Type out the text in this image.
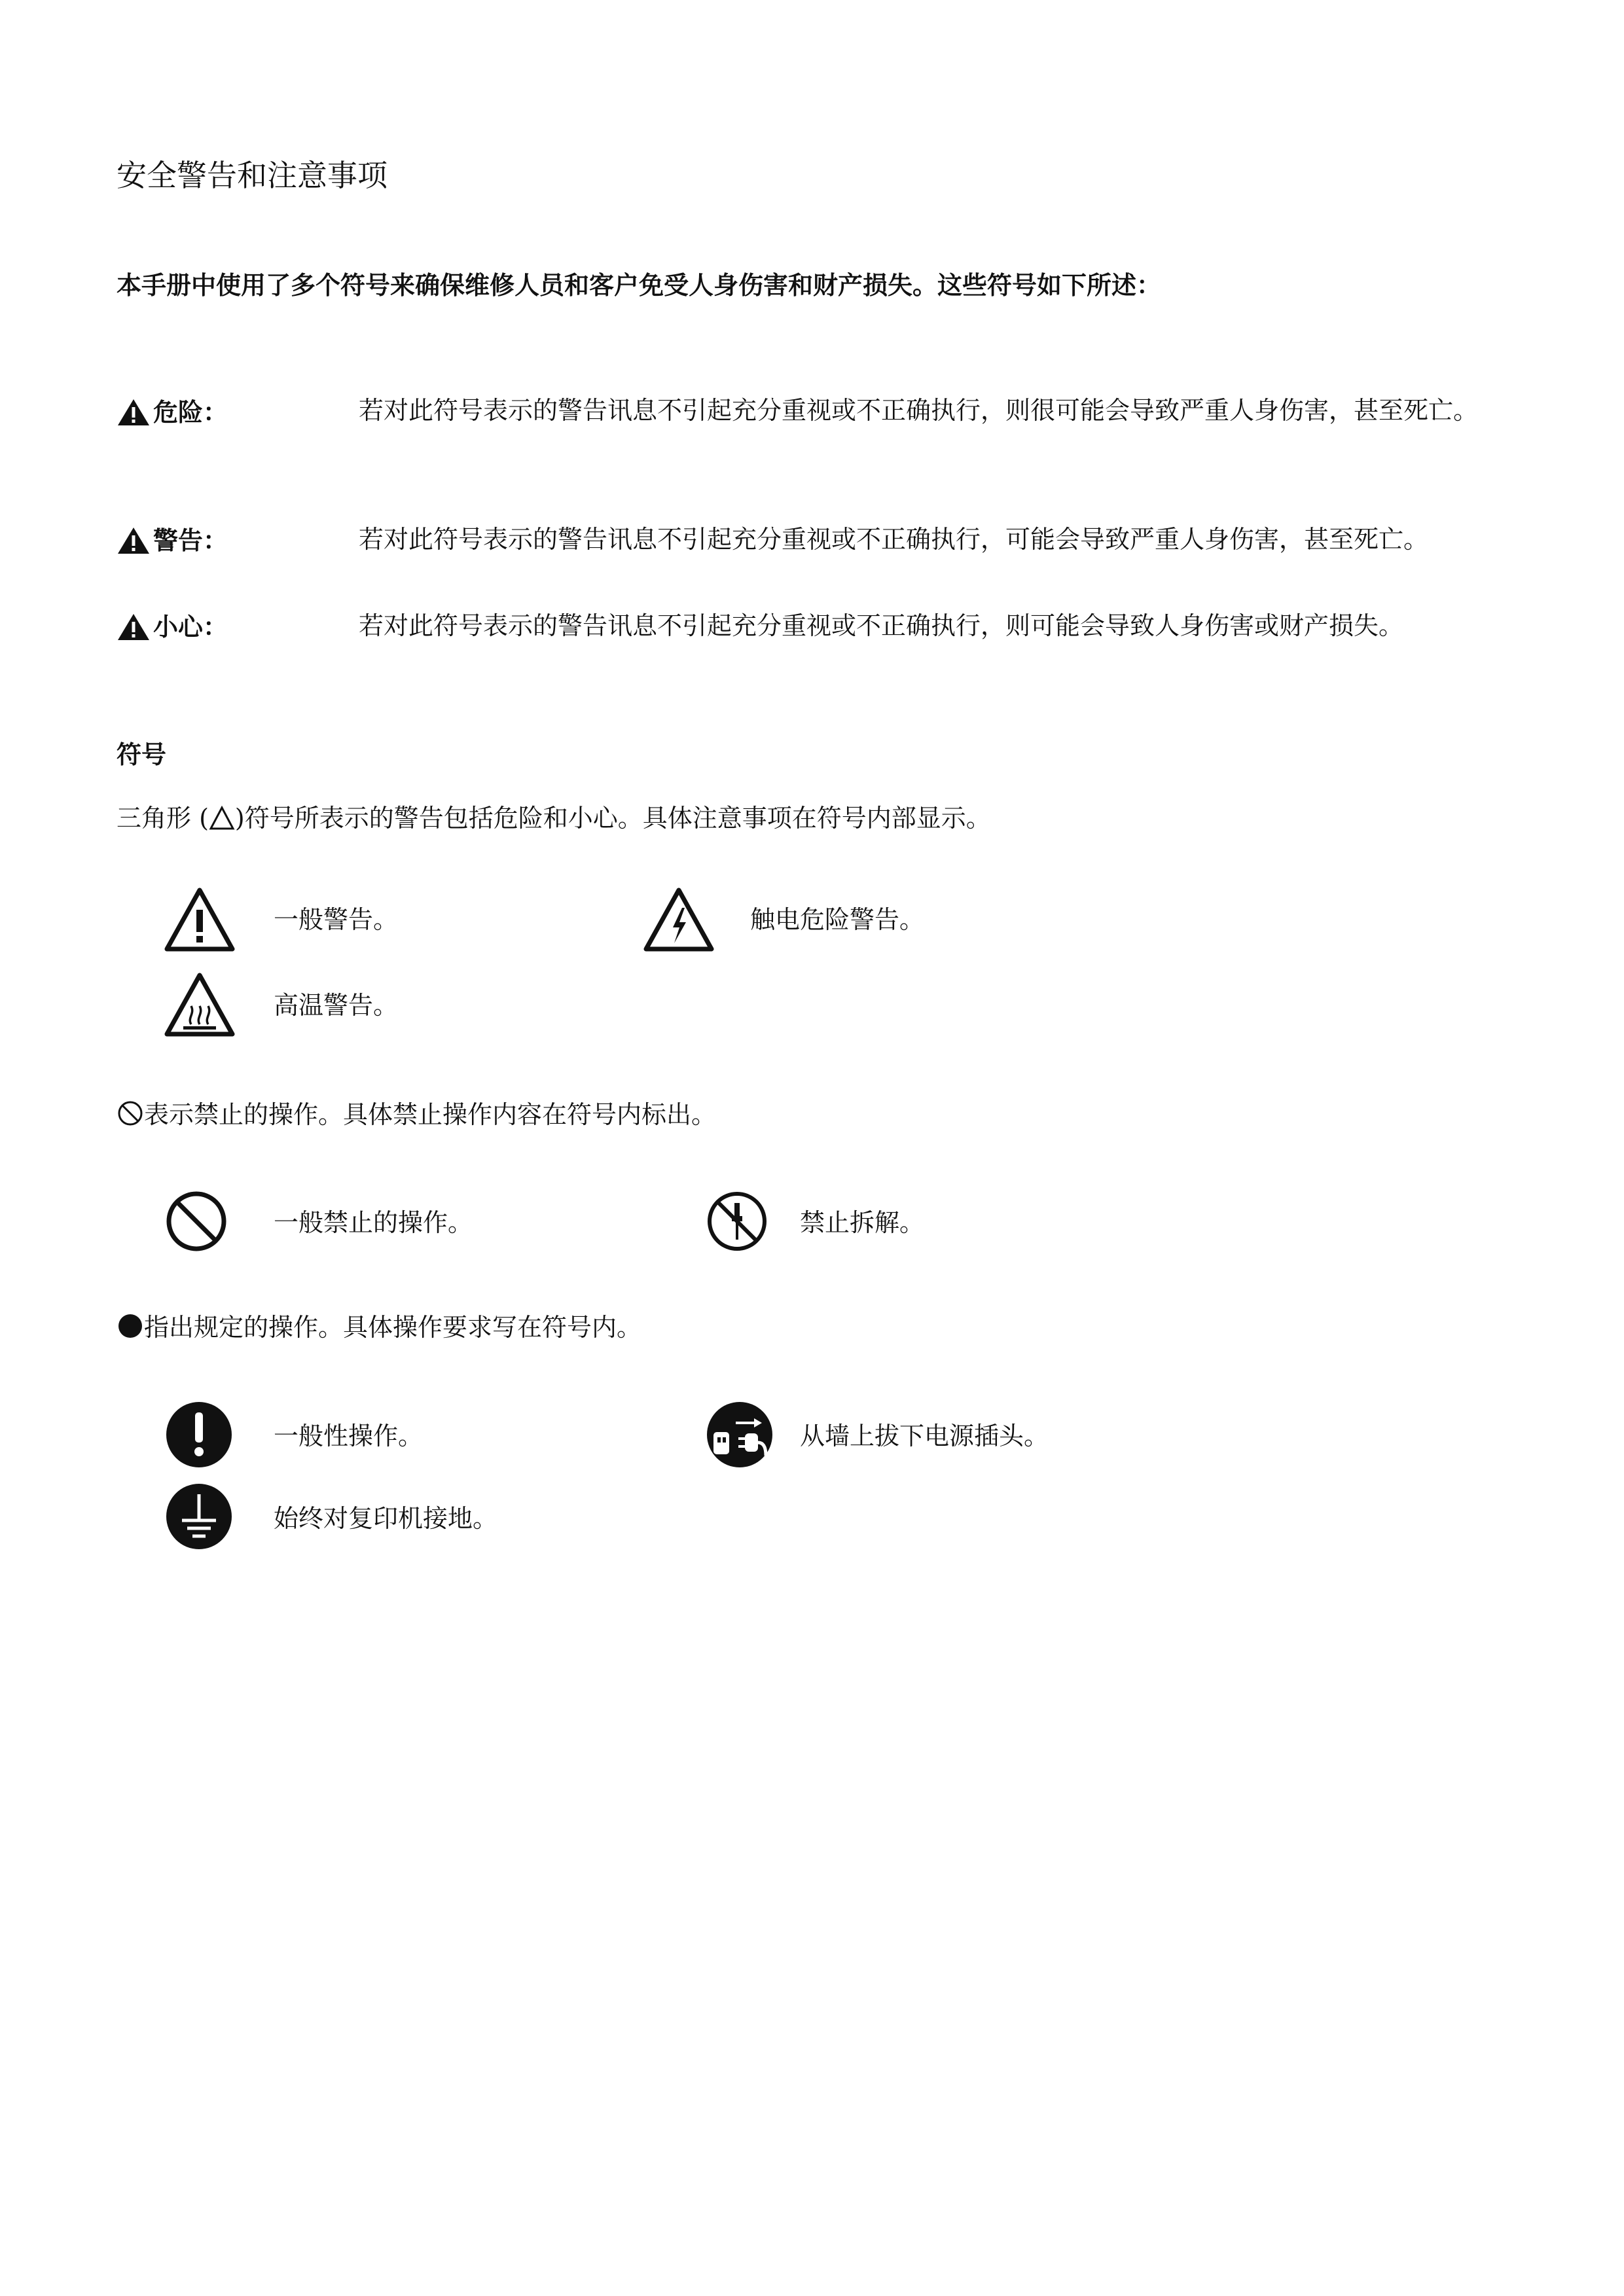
安全警告和注意事项
本手册中使用了多个符号来确保维修人员和客户免受人身伤害和财产损失。这些符号如下所述：
危险：	若对此符号表示的警告讯息不引起充分重视或不正确执行，则很可能会导致严重人身伤害，甚至死亡。
警告：	若对此符号表示的警告讯息不引起充分重视或不正确执行，可能会导致严重人身伤害，甚至死亡。
小心：	若对此符号表示的警告讯息不引起充分重视或不正确执行，则可能会导致人身伤害或财产损失。
符号
三角形 ( )符号所表示的警告包括危险和小心。具体注意事项在符号内部显示。
一般警告。	触电危险警告。
高温警告。
表示禁止的操作。具体禁止操作内容在符号内标出。
一般禁止的操作。	禁止拆解。
指出规定的操作。具体操作要求写在符号内。
一般性操作。	从墙上拔下电源插头。
始终对复印机接地。
